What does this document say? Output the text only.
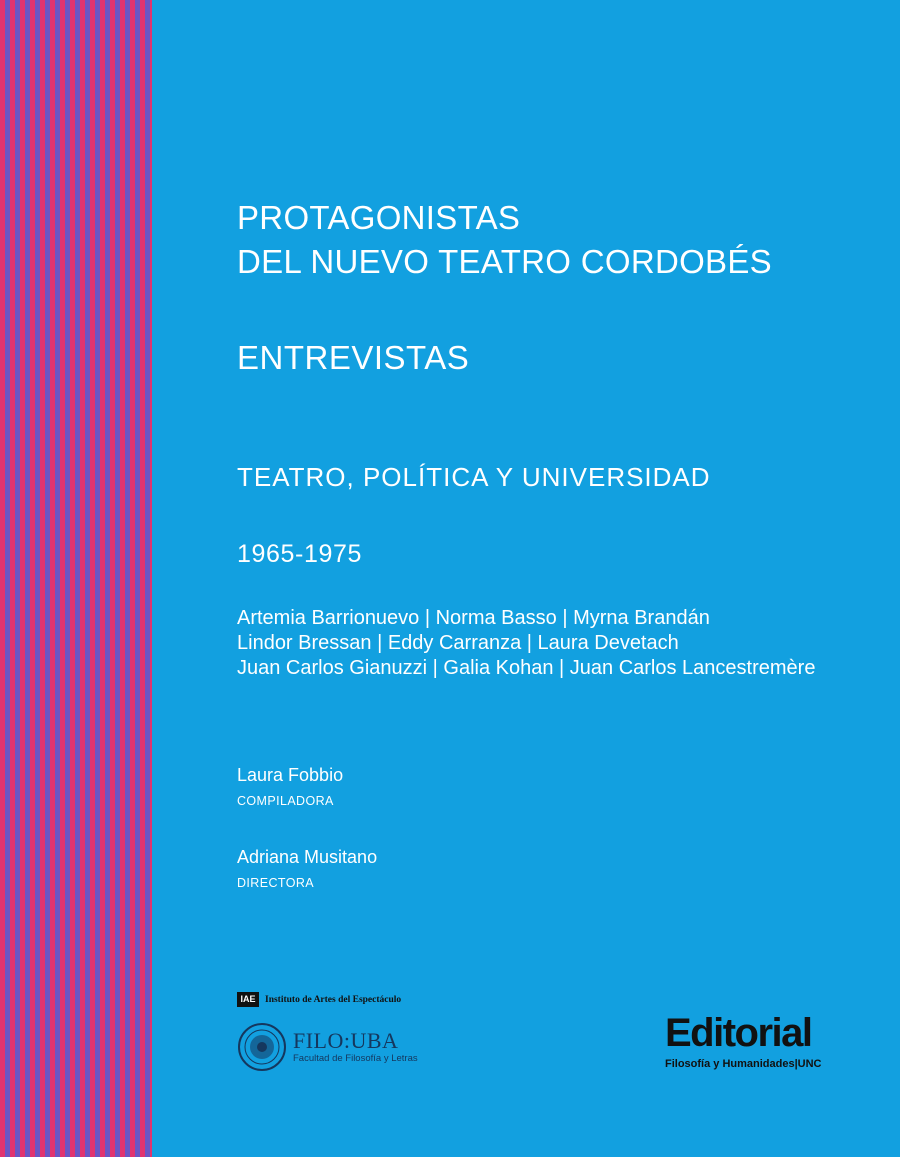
PROTAGONISTAS
DEL NUEVO TEATRO CORDOBÉS
ENTREVISTAS
TEATRO, POLÍTICA Y UNIVERSIDAD
1965-1975
Artemia Barrionuevo | Norma Basso | Myrna Brandán
Lindor Bressan | Eddy Carranza | Laura Devetach
Juan Carlos Gianuzzi | Galia Kohan | Juan Carlos Lancestremère
Laura Fobbio
COMPILADORA
Adriana Musitano
DIRECTORA
IAE	Instituto de Artes del Espectáculo
FILO:UBA
Facultad de Filosofía y Letras
Editorial
Filosofía y Humanidades|UNC
